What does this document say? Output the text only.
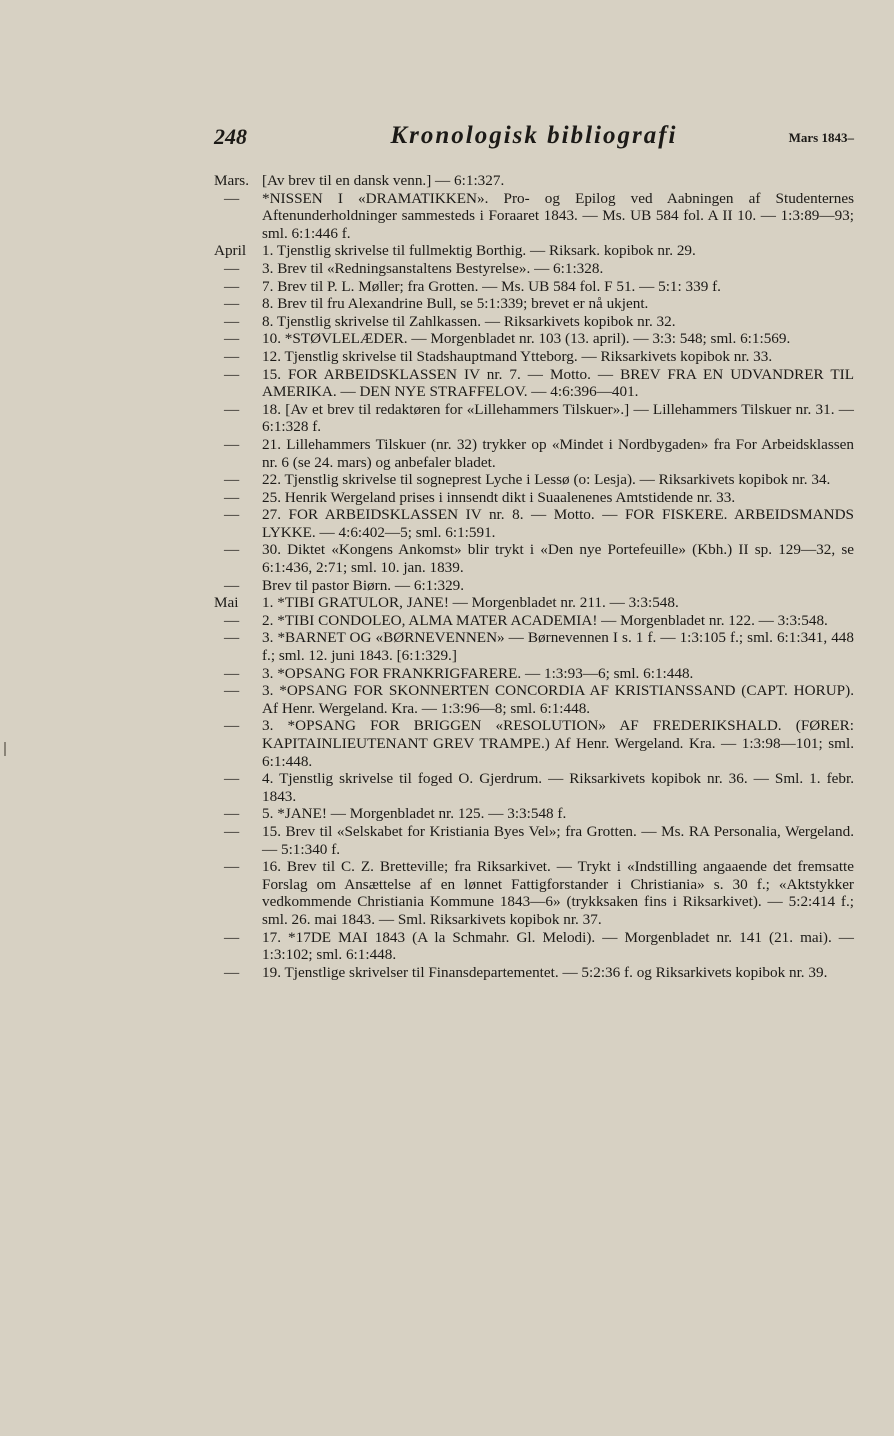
248	Kronologisk bibliografi	Mars 1843–
Mars. [Av brev til en dansk venn.] — 6:1:327.
—	*NISSEN I «DRAMATIKKEN». Pro- og Epilog ved Aabningen af Studenternes Aftenunderholdninger sammesteds i Foraaret 1843. — Ms. UB 584 fol. A II 10. — 1:3:89—93; sml. 6:1:446 f.
April	1. Tjenstlig skrivelse til fullmektig Borthig. — Riksark. kopibok nr. 29.
—	3. Brev til «Redningsanstaltens Bestyrelse». — 6:1:328.
—	7. Brev til P. L. Møller; fra Grotten. — Ms. UB 584 fol. F 51. — 5:1: 339 f.
—	8. Brev til fru Alexandrine Bull, se 5:1:339; brevet er nå ukjent.
—	8. Tjenstlig skrivelse til Zahlkassen. — Riksarkivets kopibok nr. 32.
—	10. *STØVLELÆDER. — Morgenbladet nr. 103 (13. april). — 3:3: 548; sml. 6:1:569.
—	12. Tjenstlig skrivelse til Stadshauptmand Ytteborg. — Riksarkivets kopibok nr. 33.
—	15. FOR ARBEIDSKLASSEN IV nr. 7. — Motto. — BREV FRA EN UDVANDRER TIL AMERIKA. — DEN NYE STRAFFELOV. — 4:6:396—401.
—	18. [Av et brev til redaktøren for «Lillehammers Tilskuer».] — Lillehammers Tilskuer nr. 31. — 6:1:328 f.
—	21. Lillehammers Tilskuer (nr. 32) trykker op «Mindet i Nordbygaden» fra For Arbeidsklassen nr. 6 (se 24. mars) og anbefaler bladet.
—	22. Tjenstlig skrivelse til sogneprest Lyche i Lessø (o: Lesja). — Riksarkivets kopibok nr. 34.
—	25. Henrik Wergeland prises i innsendt dikt i Suaalenenes Amtstidende nr. 33.
—	27. FOR ARBEIDSKLASSEN IV nr. 8. — Motto. — FOR FISKERE. ARBEIDSMANDS LYKKE. — 4:6:402—5; sml. 6:1:591.
—	30. Diktet «Kongens Ankomst» blir trykt i «Den nye Portefeuille» (Kbh.) II sp. 129—32, se 6:1:436, 2:71; sml. 10. jan. 1839.
—	Brev til pastor Biørn. — 6:1:329.
Mai	1. *TIBI GRATULOR, JANE! — Morgenbladet nr. 211. — 3:3:548.
—	2. *TIBI CONDOLEO, ALMA MATER ACADEMIA! — Morgenbladet nr. 122. — 3:3:548.
—	3. *BARNET OG «BØRNEVENNEN» — Børnevennen I s. 1 f. — 1:3:105 f.; sml. 6:1:341, 448 f.; sml. 12. juni 1843. [6:1:329.]
—	3. *OPSANG FOR FRANKRIGFARERE. — 1:3:93—6; sml. 6:1:448.
—	3. *OPSANG FOR SKONNERTEN CONCORDIA AF KRISTIANSSAND (CAPT. HORUP). Af Henr. Wergeland. Kra. — 1:3:96—8; sml. 6:1:448.
—	3. *OPSANG FOR BRIGGEN «RESOLUTION» AF FREDERIKSHALD. (FØRER: KAPITAINLIEUTENANT GREV TRAMPE.) Af Henr. Wergeland. Kra. — 1:3:98—101; sml. 6:1:448.
—	4. Tjenstlig skrivelse til foged O. Gjerdrum. — Riksarkivets kopibok nr. 36. — Sml. 1. febr. 1843.
—	5. *JANE! — Morgenbladet nr. 125. — 3:3:548 f.
—	15. Brev til «Selskabet for Kristiania Byes Vel»; fra Grotten. — Ms. RA Personalia, Wergeland. — 5:1:340 f.
—	16. Brev til C. Z. Bretteville; fra Riksarkivet. — Trykt i «Indstilling angaaende det fremsatte Forslag om Ansættelse af en lønnet Fattigforstander i Christiania» s. 30 f.; «Aktstykker vedkommende Christiania Kommune 1843—6» (trykksaken fins i Riksarkivet). — 5:2:414 f.; sml. 26. mai 1843. — Sml. Riksarkivets kopibok nr. 37.
—	17. *17DE MAI 1843 (A la Schmahr. Gl. Melodi). — Morgenbladet nr. 141 (21. mai). — 1:3:102; sml. 6:1:448.
—	19. Tjenstlige skrivelser til Finansdepartementet. — 5:2:36 f. og Riksarkivets kopibok nr. 39.
